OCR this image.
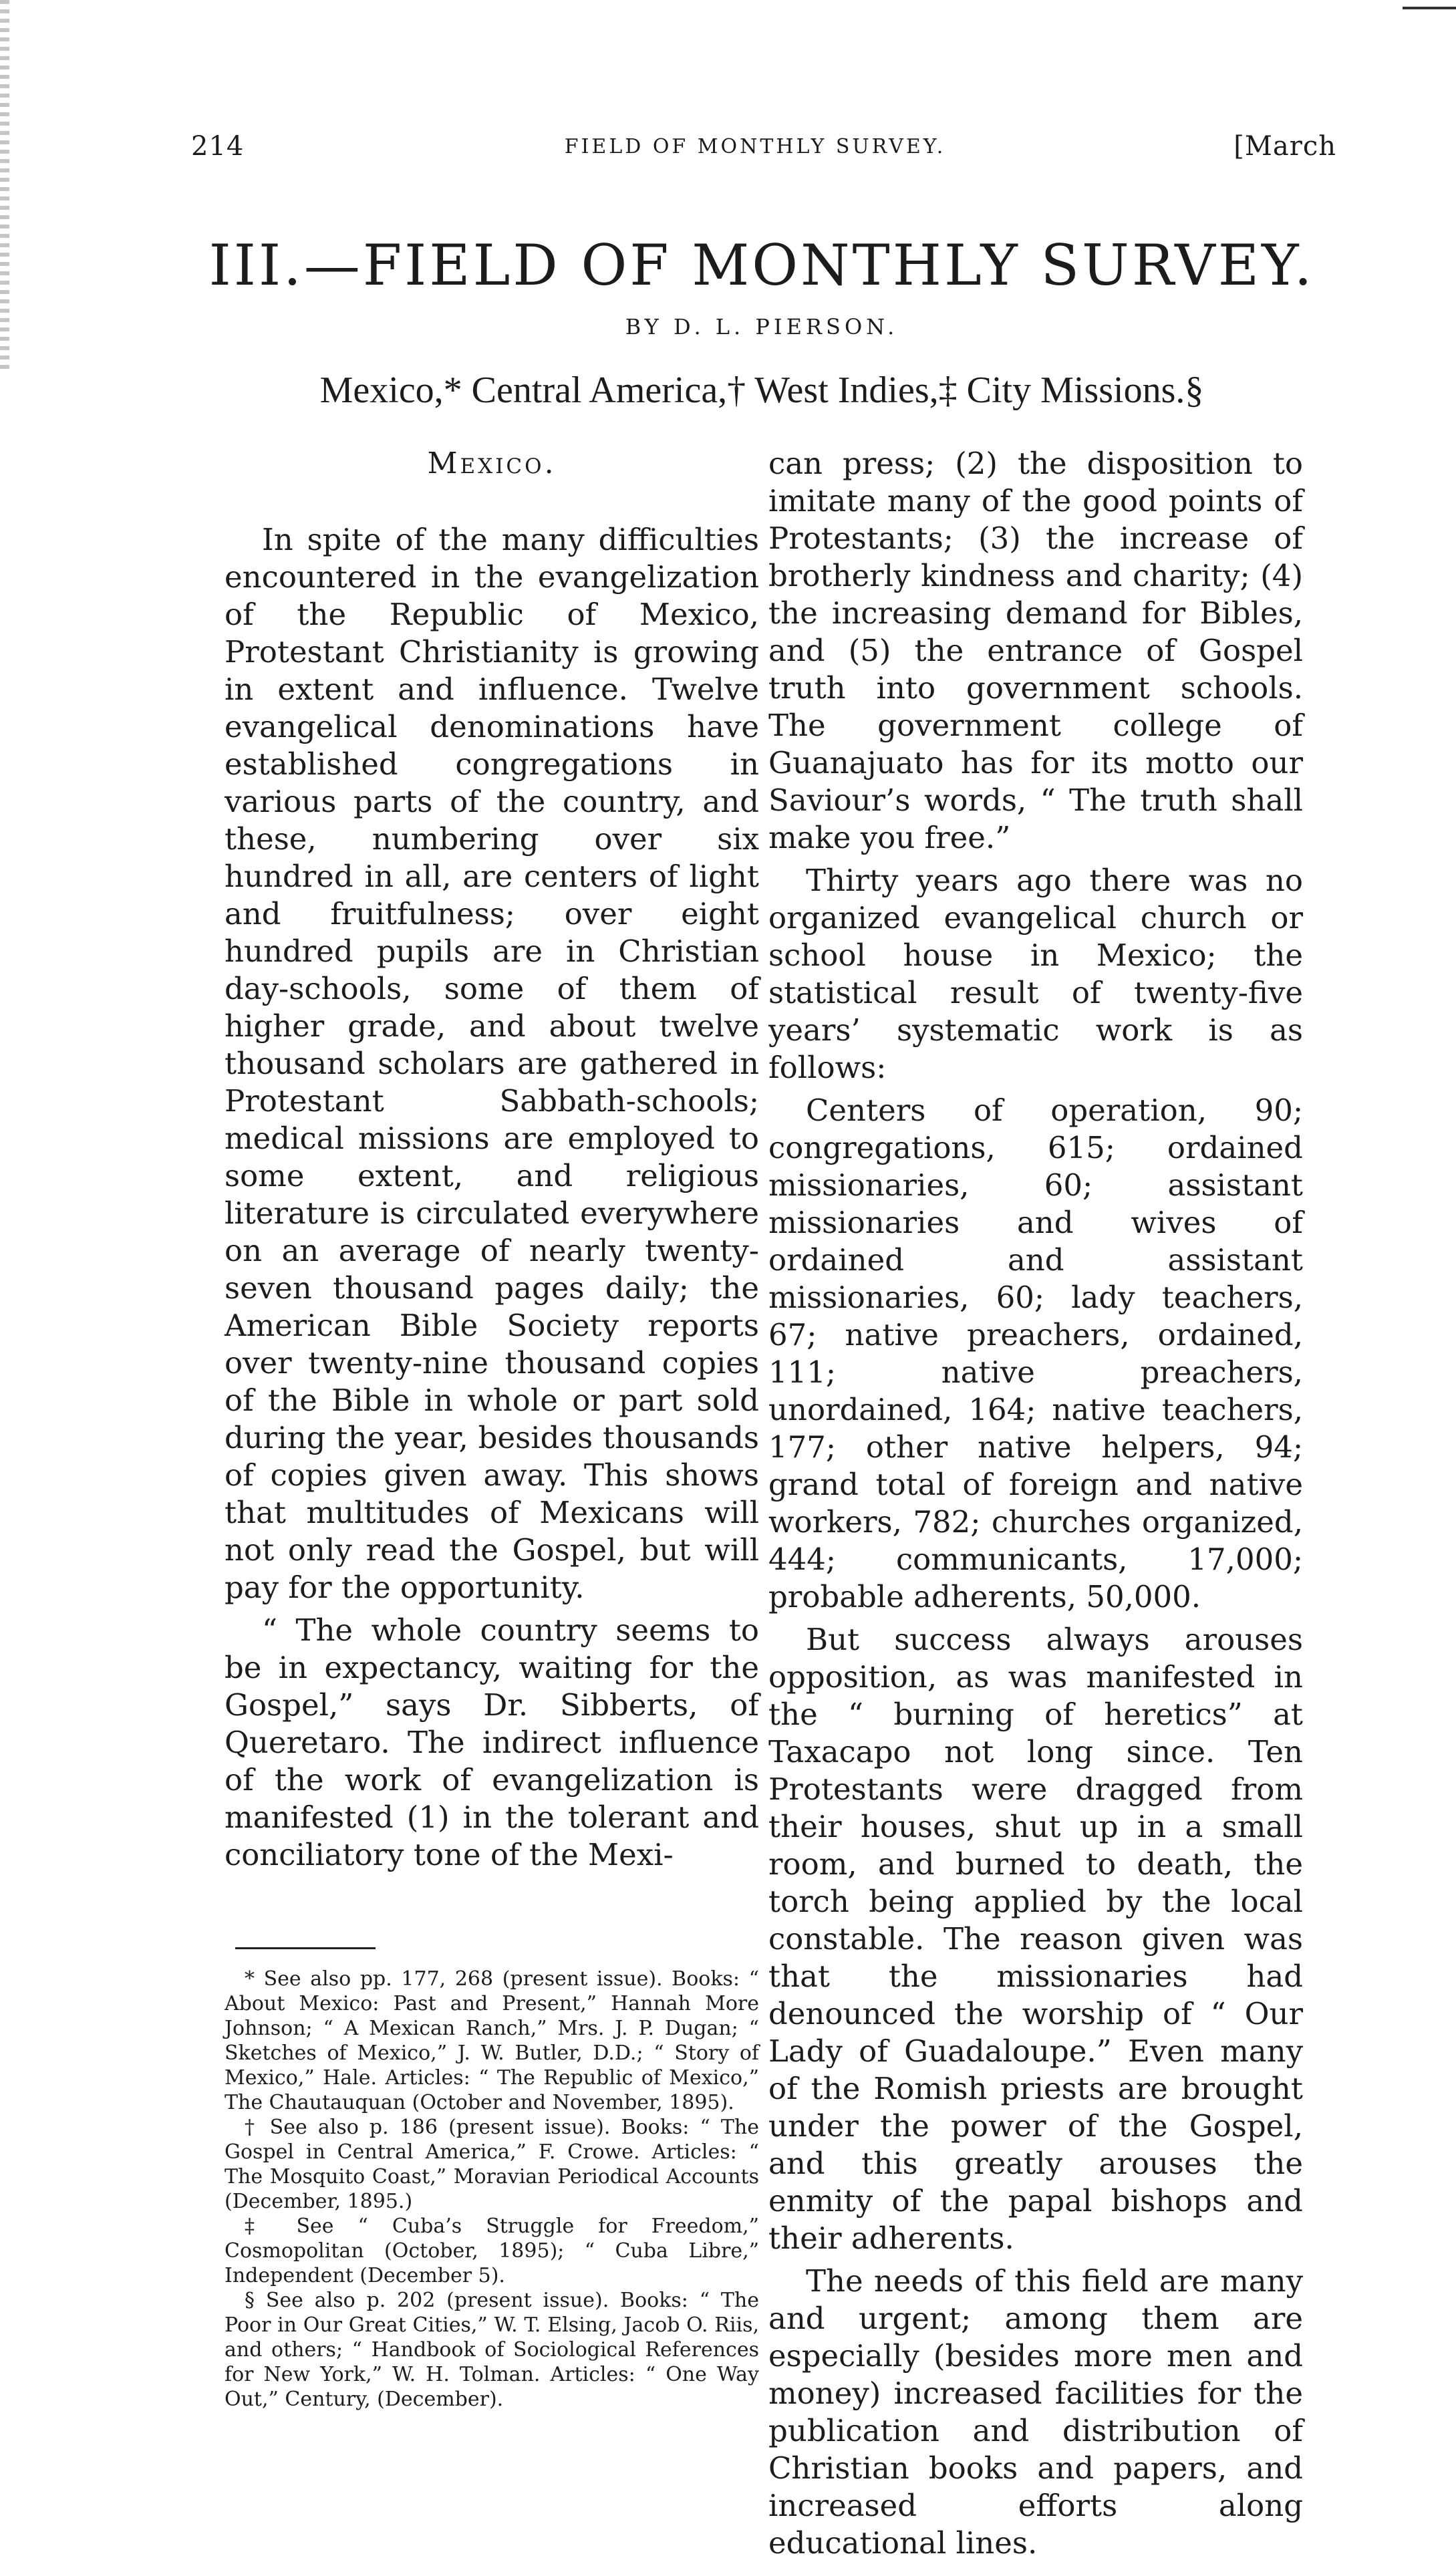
214	FIELD OF MONTHLY SURVEY.	[March
III.—FIELD OF MONTHLY SURVEY.
BY D. L. PIERSON.
Mexico,* Central America,† West Indies,‡ City Missions.§
Mexico.

In spite of the many difficulties encountered in the evangelization of the Republic of Mexico, Protestant Christianity is growing in extent and influence. Twelve evangelical denominations have established congregations in various parts of the country, and these, numbering over six hundred in all, are centers of light and fruitfulness; over eight hundred pupils are in Christian day-schools, some of them of higher grade, and about twelve thousand scholars are gathered in Protestant Sabbath-schools; medical missions are employed to some extent, and religious literature is circulated everywhere on an average of nearly twenty-seven thousand pages daily; the American Bible Society reports over twenty-nine thousand copies of the Bible in whole or part sold during the year, besides thousands of copies given away. This shows that multitudes of Mexicans will not only read the Gospel, but will pay for the opportunity.

“ The whole country seems to be in expectancy, waiting for the Gospel,” says Dr. Sibberts, of Queretaro. The indirect influence of the work of evangelization is manifested (1) in the tolerant and conciliatory tone of the Mexi-

* See also pp. 177, 268 (present issue). Books: “ About Mexico: Past and Present,” Hannah More Johnson; “ A Mexican Ranch,” Mrs. J. P. Dugan; “ Sketches of Mexico,” J. W. Butler, D.D.; “ Story of Mexico,” Hale. Articles: “ The Republic of Mexico,” The Chautauquan (October and November, 1895).

† See also p. 186 (present issue). Books: “ The Gospel in Central America,” F. Crowe. Articles: “ The Mosquito Coast,” Moravian Periodical Accounts (December, 1895.)

‡ See “ Cuba’s Struggle for Freedom,” Cosmopolitan (October, 1895); “ Cuba Libre,” Independent (December 5).

§ See also p. 202 (present issue). Books: “ The Poor in Our Great Cities,” W. T. Elsing, Jacob O. Riis, and others; “ Handbook of Sociological References for New York,” W. H. Tolman. Articles: “ One Way Out,” Century, (December).

can press; (2) the disposition to imitate many of the good points of Protestants; (3) the increase of brotherly kindness and charity; (4) the increasing demand for Bibles, and (5) the entrance of Gospel truth into government schools. The government college of Guanajuato has for its motto our Saviour’s words, “ The truth shall make you free.”

Thirty years ago there was no organized evangelical church or school house in Mexico; the statistical result of twenty-five years’ systematic work is as follows:

Centers of operation, 90; congregations, 615; ordained missionaries, 60; assistant missionaries and wives of ordained and assistant missionaries, 60; lady teachers, 67; native preachers, ordained, 111; native preachers, unordained, 164; native teachers, 177; other native helpers, 94; grand total of foreign and native workers, 782; churches organized, 444; communicants, 17,000; probable adherents, 50,000.

But success always arouses opposition, as was manifested in the “ burning of heretics” at Taxacapo not long since. Ten Protestants were dragged from their houses, shut up in a small room, and burned to death, the torch being applied by the local constable. The reason given was that the missionaries had denounced the worship of “ Our Lady of Guadaloupe.” Even many of the Romish priests are brought under the power of the Gospel, and this greatly arouses the enmity of the papal bishops and their adherents.

The needs of this field are many and urgent; among them are especially (besides more men and money) increased facilities for the publication and distribution of Christian books and papers, and increased efforts along educational lines.
